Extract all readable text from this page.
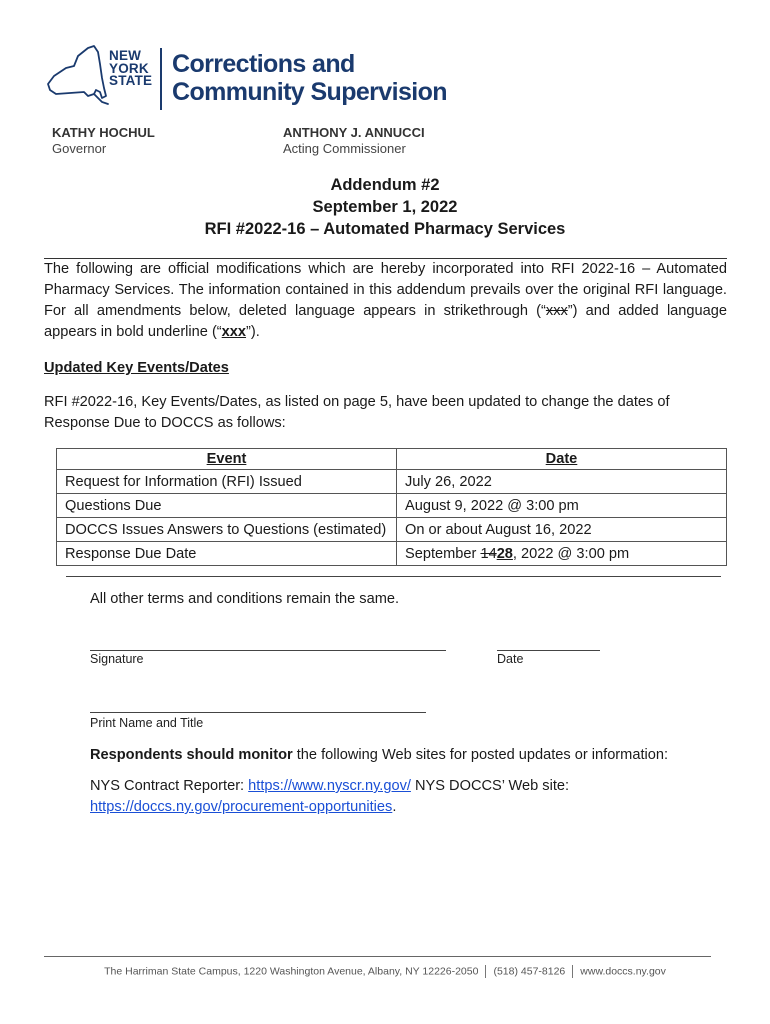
NEW
YORK
STATE
Corrections and
Community Supervision
KATHY HOCHUL
Governor
ANTHONY J. ANNUCCI
Acting Commissioner
Addendum #2
September 1, 2022
RFI #2022-16 – Automated Pharmacy Services
The following are official modifications which are hereby incorporated into RFI 2022-16 – Automated Pharmacy Services. The information contained in this addendum prevails over the original RFI language. For all amendments below, deleted language appears in strikethrough (“xxx”) and added language appears in bold underline (“xxx”).
Updated Key Events/Dates
RFI #2022-16, Key Events/Dates, as listed on page 5, have been updated to change the dates of Response Due to DOCCS as follows:
Event	Date
Request for Information (RFI) Issued	July 26, 2022
Questions Due	August 9, 2022 @ 3:00 pm
DOCCS Issues Answers to Questions (estimated)	On or about August 16, 2022
Response Due Date	September 1428, 2022 @ 3:00 pm
All other terms and conditions remain the same.
Signature	Date
Print Name and Title
Respondents should monitor the following Web sites for posted updates or information:
NYS Contract Reporter: https://www.nyscr.ny.gov/ NYS DOCCS’ Web site:
https://doccs.ny.gov/procurement-opportunities.
The Harriman State Campus, 1220 Washington Avenue, Albany, NY 12226-2050 (518) 457-8126 www.doccs.ny.gov
